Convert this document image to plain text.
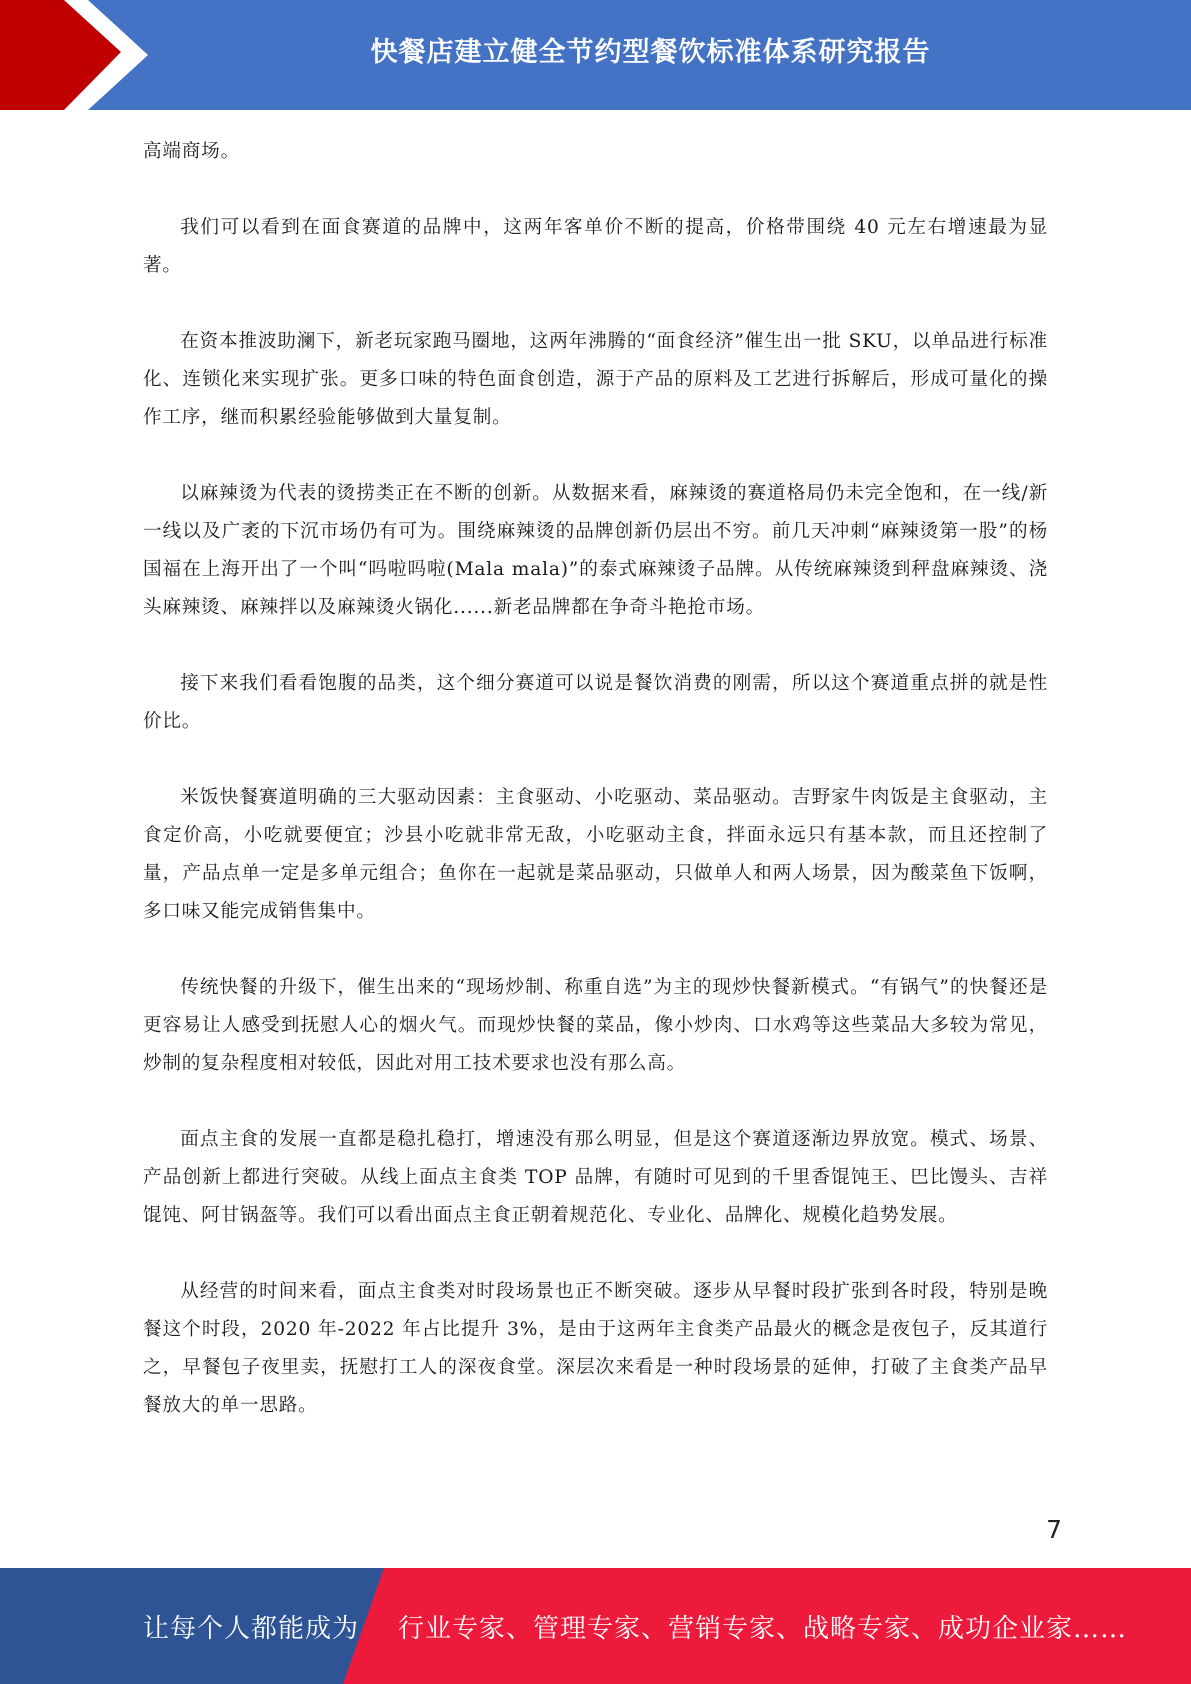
快餐店建立健全节约型餐饮标准体系研究报告

高端商场。

我们可以看到在面食赛道的品牌中，这两年客单价不断的提高，价格带围绕 40 元左右增速最为显著。

在资本推波助澜下，新老玩家跑马圈地，这两年沸腾的“面食经济”催生出一批 SKU，以单品进行标准化、连锁化来实现扩张。更多口味的特色面食创造，源于产品的原料及工艺进行拆解后，形成可量化的操作工序，继而积累经验能够做到大量复制。

以麻辣烫为代表的烫捞类正在不断的创新。从数据来看，麻辣烫的赛道格局仍未完全饱和，在一线/新一线以及广袤的下沉市场仍有可为。围绕麻辣烫的品牌创新仍层出不穷。前几天冲刺“麻辣烫第一股”的杨国福在上海开出了一个叫“吗啦吗啦(Mala mala)”的泰式麻辣烫子品牌。从传统麻辣烫到秤盘麻辣烫、浇头麻辣烫、麻辣拌以及麻辣烫火锅化......新老品牌都在争奇斗艳抢市场。

接下来我们看看饱腹的品类，这个细分赛道可以说是餐饮消费的刚需，所以这个赛道重点拼的就是性价比。

米饭快餐赛道明确的三大驱动因素：主食驱动、小吃驱动、菜品驱动。吉野家牛肉饭是主食驱动，主食定价高，小吃就要便宜；沙县小吃就非常无敌，小吃驱动主食，拌面永远只有基本款，而且还控制了量，产品点单一定是多单元组合；鱼你在一起就是菜品驱动，只做单人和两人场景，因为酸菜鱼下饭啊，多口味又能完成销售集中。

传统快餐的升级下，催生出来的“现场炒制、称重自选”为主的现炒快餐新模式。“有锅气”的快餐还是更容易让人感受到抚慰人心的烟火气。而现炒快餐的菜品，像小炒肉、口水鸡等这些菜品大多较为常见，炒制的复杂程度相对较低，因此对用工技术要求也没有那么高。

面点主食的发展一直都是稳扎稳打，增速没有那么明显，但是这个赛道逐渐边界放宽。模式、场景、产品创新上都进行突破。从线上面点主食类 TOP 品牌，有随时可见到的千里香馄饨王、巴比馒头、吉祥馄饨、阿甘锅盔等。我们可以看出面点主食正朝着规范化、专业化、品牌化、规模化趋势发展。

从经营的时间来看，面点主食类对时段场景也正不断突破。逐步从早餐时段扩张到各时段，特别是晚餐这个时段，2020 年-2022 年占比提升 3%，是由于这两年主食类产品最火的概念是夜包子，反其道行之，早餐包子夜里卖，抚慰打工人的深夜食堂。深层次来看是一种时段场景的延伸，打破了主食类产品早餐放大的单一思路。

7
让每个人都能成为 行业专家、管理专家、营销专家、战略专家、成功企业家……
